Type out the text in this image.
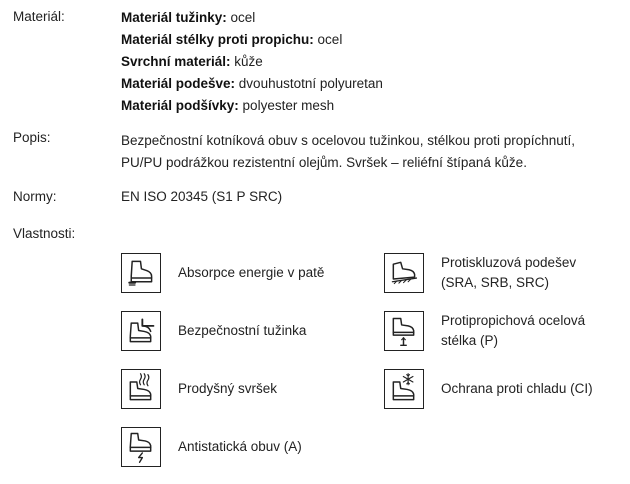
Materiál:	Materiál tužinky: ocel
Materiál stélky proti propichu: ocel
Svrchní materiál: kůže
Materiál podešve: dvouhustotní polyuretan
Materiál podšívky: polyester mesh
Popis:	Bezpečnostní kotníková obuv s ocelovou tužinkou, stélkou proti propíchnutí,
PU/PU podrážkou rezistentní olejům. Svršek – reliéfní štípaná kůže.
Normy:	EN ISO 20345 (S1 P SRC)
Vlastnosti:
Absorpce energie v patě
Protiskluzová podešev
(SRA, SRB, SRC)
Bezpečnostní tužinka
Protipropichová ocelová
stélka (P)
Prodyšný svršek	Ochrana proti chladu (CI)
Antistatická obuv (A)
